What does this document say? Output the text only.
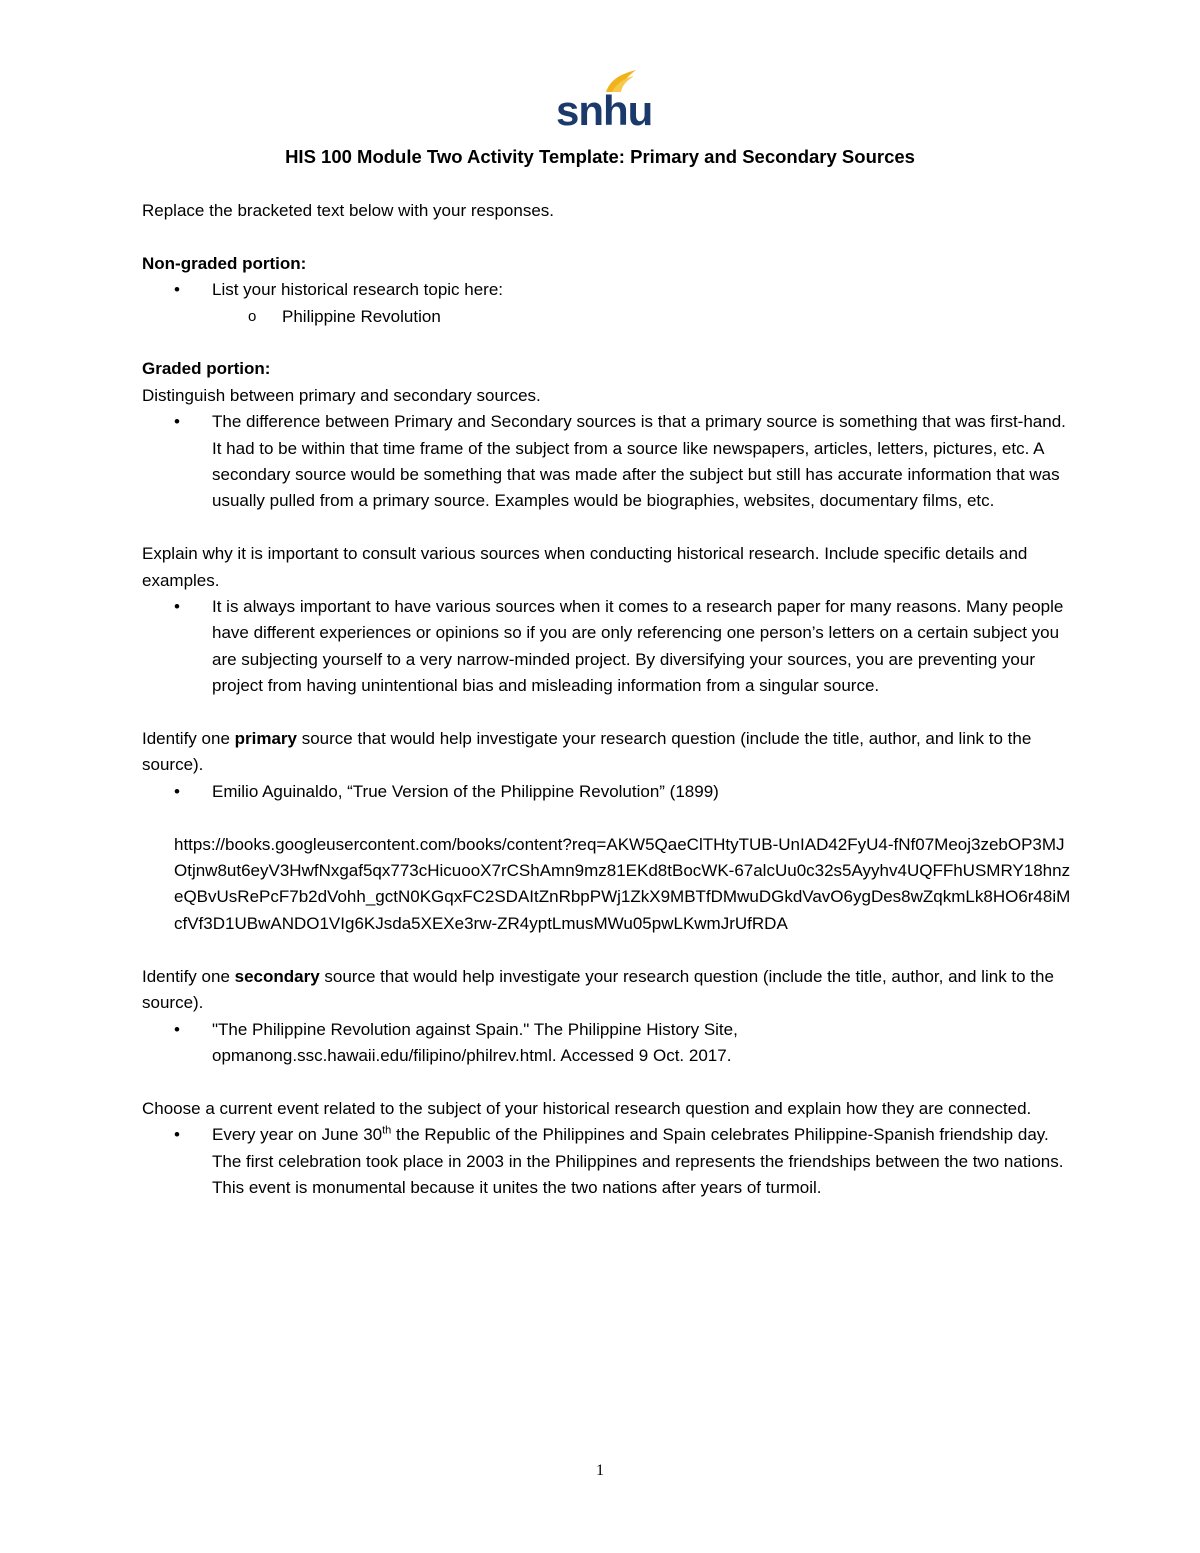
snhu
HIS 100 Module Two Activity Template: Primary and Secondary Sources

Replace the bracketed text below with your responses.

Non-graded portion:

• List your historical research topic here:
o Philippine Revolution

Graded portion:

Distinguish between primary and secondary sources.

• The difference between Primary and Secondary sources is that a primary source is something that was first-hand. It had to be within that time frame of the subject from a source like newspapers, articles, letters, pictures, etc. A secondary source would be something that was made after the subject but still has accurate information that was usually pulled from a primary source. Examples would be biographies, websites, documentary films, etc.

Explain why it is important to consult various sources when conducting historical research. Include specific details and examples.

• It is always important to have various sources when it comes to a research paper for many reasons. Many people have different experiences or opinions so if you are only referencing one person’s letters on a certain subject you are subjecting yourself to a very narrow-minded project. By diversifying your sources, you are preventing your project from having unintentional bias and misleading information from a singular source.

Identify one primary source that would help investigate your research question (include the title, author, and link to the source).

• Emilio Aguinaldo, “True Version of the Philippine Revolution” (1899)

https://books.googleusercontent.com/books/content?req=AKW5QaeClTHtyTUB-UnIAD42FyU4-fNf07Meoj3zebOP3MJOtjnw8ut6eyV3HwfNxgaf5qx773cHicuooX7rCShAmn9mz81EKd8tBocWK-67alcUu0c32s5Ayyhv4UQFFhUSMRY18hnzeQBvUsRePcF7b2dVohh_gctN0KGqxFC2SDAItZnRbpPWj1ZkX9MBTfDMwuDGkdVavO6ygDes8wZqkmLk8HO6r48iMcfVf3D1UBwANDO1VIg6KJsda5XEXe3rw-ZR4yptLmusMWu05pwLKwmJrUfRDA

Identify one secondary source that would help investigate your research question (include the title, author, and link to the source).

• "The Philippine Revolution against Spain." The Philippine History Site, opmanong.ssc.hawaii.edu/filipino/philrev.html. Accessed 9 Oct. 2017.

Choose a current event related to the subject of your historical research question and explain how they are connected.

• Every year on June 30th the Republic of the Philippines and Spain celebrates Philippine-Spanish friendship day. The first celebration took place in 2003 in the Philippines and represents the friendships between the two nations. This event is monumental because it unites the two nations after years of turmoil.
1
